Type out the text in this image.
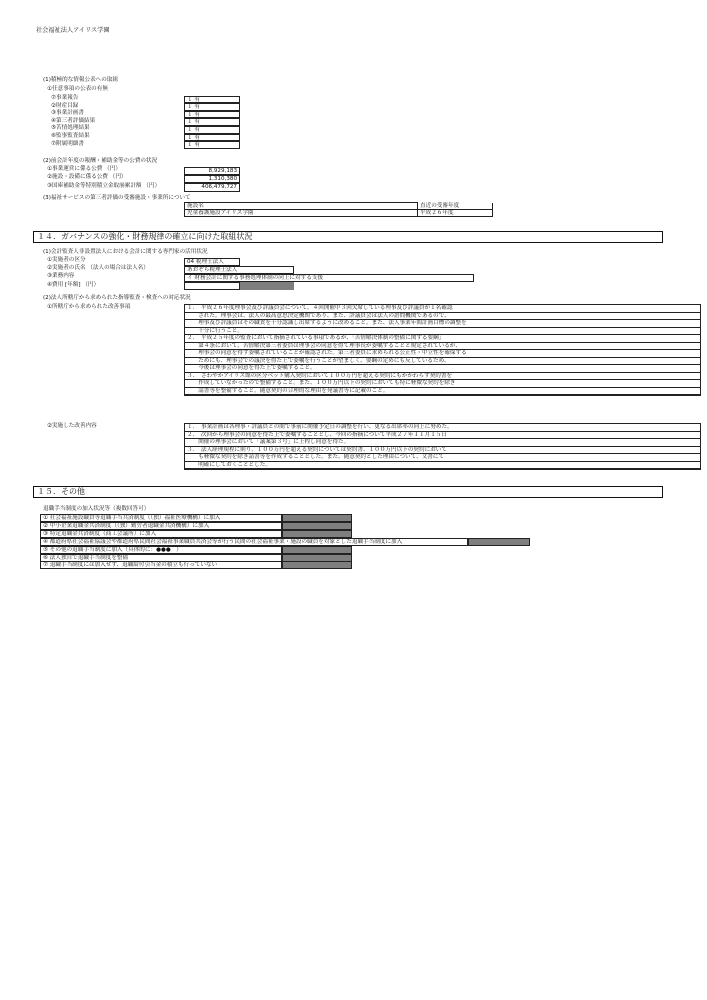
社会福祉法人アイリス学園
(1)積極的な情報公表への取組
①任意事項の公表の有無
⑦事業報告	１ 有
②財産目録	１ 有
③事業計画書	１ 有
④第三者評価結果	１ 有
⑤苦情処理結果	１ 有
⑥監事監査結果	１ 有
⑦附属明細書	１ 有
(2)前会計年度の報酬・補助金等の公費の状況
①事業運営に係る公費 （円）	8,929,183
②施設・設備に係る公費 （円）	1,310,380
③国庫補助金等特別積立金取崩累計額 （円）	406,479,727
(3)福祉サービスの第三者評価の受審施設・事業所について
施設名	直近の受審年度
児童養護施設アイリス学園	平成２６年度
１４．ガバナンスの強化・財務規律の確立に向けた取組状況
(1)会計監査人非設置法人における会計に関する専門家の活用状況
①実施者の区分	04 税理士法人
②実施者の氏名 （法人の場合は法人名）	あおぞら税理士法人
③業務内容	イ 財務会計に関する事務処理体制の向上に対する支援
④費用 [年額] （円）
(2)法人所轄庁から求められた指導監査・検査への対応状況
①所轄庁から求められた改善事項	１．　平成２６年度理事会及び評議員会について、４回開催中３回欠席している理事及び評議員が１名確認
　　された。理事会は、法人の最高意思決定機関であり、また、評議員会は法人の諮問機関であるので、
　　理事及び評議員はその職責を十分認識し出席するように改めること。また、法人事業年間計画目標の調整を
　　十分に行うこと。
２．　平成２５年度の監査において指摘されている事項であるが、「苦情解決体制の整備に関する要綱」
　　第４条において、苦情解決第三者委員は理事会の同意を得て理事長が委嘱することと規定されているが、
　　理事会の同意を得ず委嘱されていることが確認された。第三者委員に求められる公正性・中立性を確保する
　　ためにも、理事会での議決を得た上で委嘱を行うことが望ましく、要綱の定めにも反しているため、
　　今後は理事会の同意を得た上で委嘱すること。
３．　さわやかアイリス館の区分ベット購入契約において１００万円を超える契約にもかかわらず契約書を
　　作成していなかったので整備すること。また、１００万円以下の契約においても特に軽微な契約を除き
　　請書等を整備すること。随意契約の合理的な理由を発議書等に記載のこと。
②実施した改善内容	１．　事業計画は各理事・評議員との間で事前に開催予定日の調整を行い、更なる出席率の向上に努めた。
２．　次回から理事会の同意を得た上で委嘱することとし、今回の指摘について平成２７年１１月１５日
　　開催の理事会において「議案第３号」に上程し同意を得た。
３．　法人経理規程に則り、１００万円を超える契約については契約書、１００万円以下の契約において
　　も軽微な契約を除き請書等を作成することとした。また、随意契約とした理由について、文書にて
　　明確にしておくこととした。
１５．その他
退職手当制度の加入状況等（複数回答可）
① 社会福祉施設職員等退職手当共済制度（（独）福祉医療機構）に加入
② 中小企業退職金共済制度（（独）勤労者退職金共済機構）に加入
③ 特定退職金共済制度（商工会議所）に加入
④ 都道府県社会福祉協議会や都道府県民間社会福祉事業職員共済会等が行う民間の社会福祉事業・施設の職員を対象とした退職手当制度に加入
⑤ その他の退職手当制度に加入（具体的に：●●●　）
⑥ 法人独自で退職手当制度を整備
⑦ 退職手当制度には加入せず、退職給付引当金の積立も行っていない
